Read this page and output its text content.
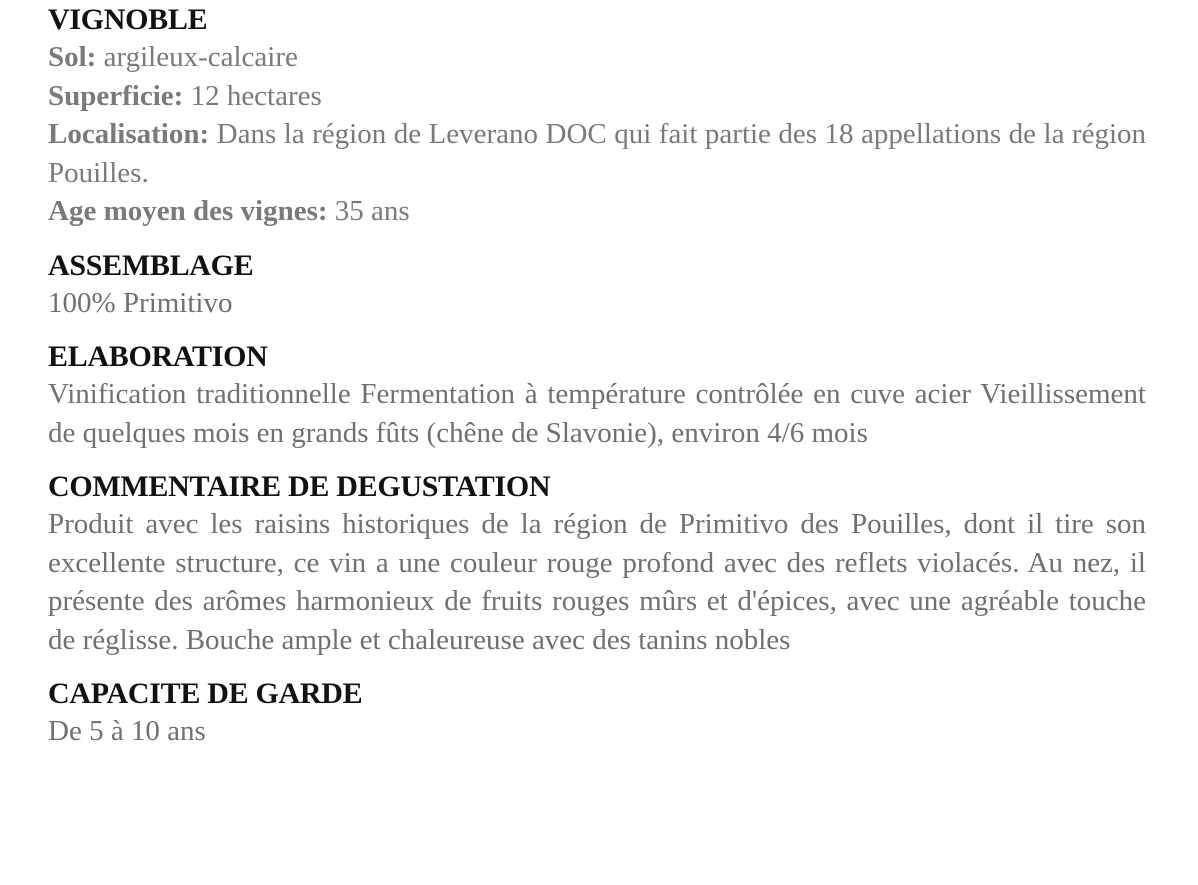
VIGNOBLE

Sol: argileux-calcaire

Superficie: 12 hectares

Localisation: Dans la région de Leverano DOC qui fait partie des 18 appellations de la région Pouilles.

Age moyen des vignes: 35 ans

ASSEMBLAGE

100% Primitivo

ELABORATION

Vinification traditionnelle Fermentation à température contrôlée en cuve acier Vieillissement de quelques mois en grands fûts (chêne de Slavonie), environ 4/6 mois

COMMENTAIRE DE DEGUSTATION

Produit avec les raisins historiques de la région de Primitivo des Pouilles, dont il tire son excellente structure, ce vin a une couleur rouge profond avec des reflets violacés. Au nez, il présente des arômes harmonieux de fruits rouges mûrs et d'épices, avec une agréable touche de réglisse. Bouche ample et chaleureuse avec des tanins nobles

CAPACITE DE GARDE

De 5 à 10 ans
